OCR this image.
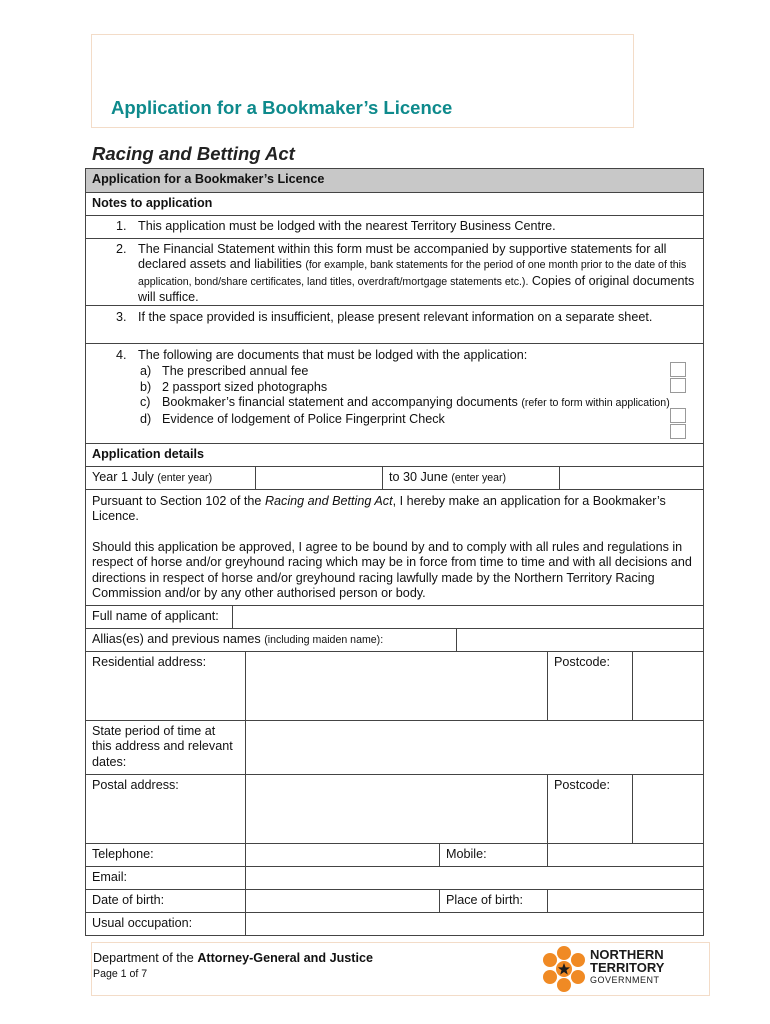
Application for a Bookmaker’s Licence
Racing and Betting Act
Application for a Bookmaker’s Licence
Notes to application
1. This application must be lodged with the nearest Territory Business Centre.
2. The Financial Statement within this form must be accompanied by supportive statements for all declared assets and liabilities (for example, bank statements for the period of one month prior to the date of this application, bond/share certificates, land titles, overdraft/mortgage statements etc.). Copies of original documents will suffice.
3. If the space provided is insufficient, please present relevant information on a separate sheet.
4. The following are documents that must be lodged with the application:
a) The prescribed annual fee
b) 2 passport sized photographs
c) Bookmaker’s financial statement and accompanying documents (refer to form within application)
d) Evidence of lodgement of Police Fingerprint Check
Application details
Year 1 July (enter year)	to 30 June (enter year)
Pursuant to Section 102 of the Racing and Betting Act, I hereby make an application for a Bookmaker’s Licence.
Should this application be approved, I agree to be bound by and to comply with all rules and regulations in respect of horse and/or greyhound racing which may be in force from time to time and with all decisions and directions in respect of horse and/or greyhound racing lawfully made by the Northern Territory Racing Commission and/or by any other authorised person or body.
Full name of applicant:
Allias(es) and previous names (including maiden name):
Residential address:	Postcode:
State period of time at this address and relevant dates:
Postal address:	Postcode:
Telephone:	Mobile:
Email:
Date of birth:	Place of birth:
Usual occupation:
Department of the Attorney-General and Justice
Page 1 of 7
NORTHERN
TERRITORY
GOVERNMENT
